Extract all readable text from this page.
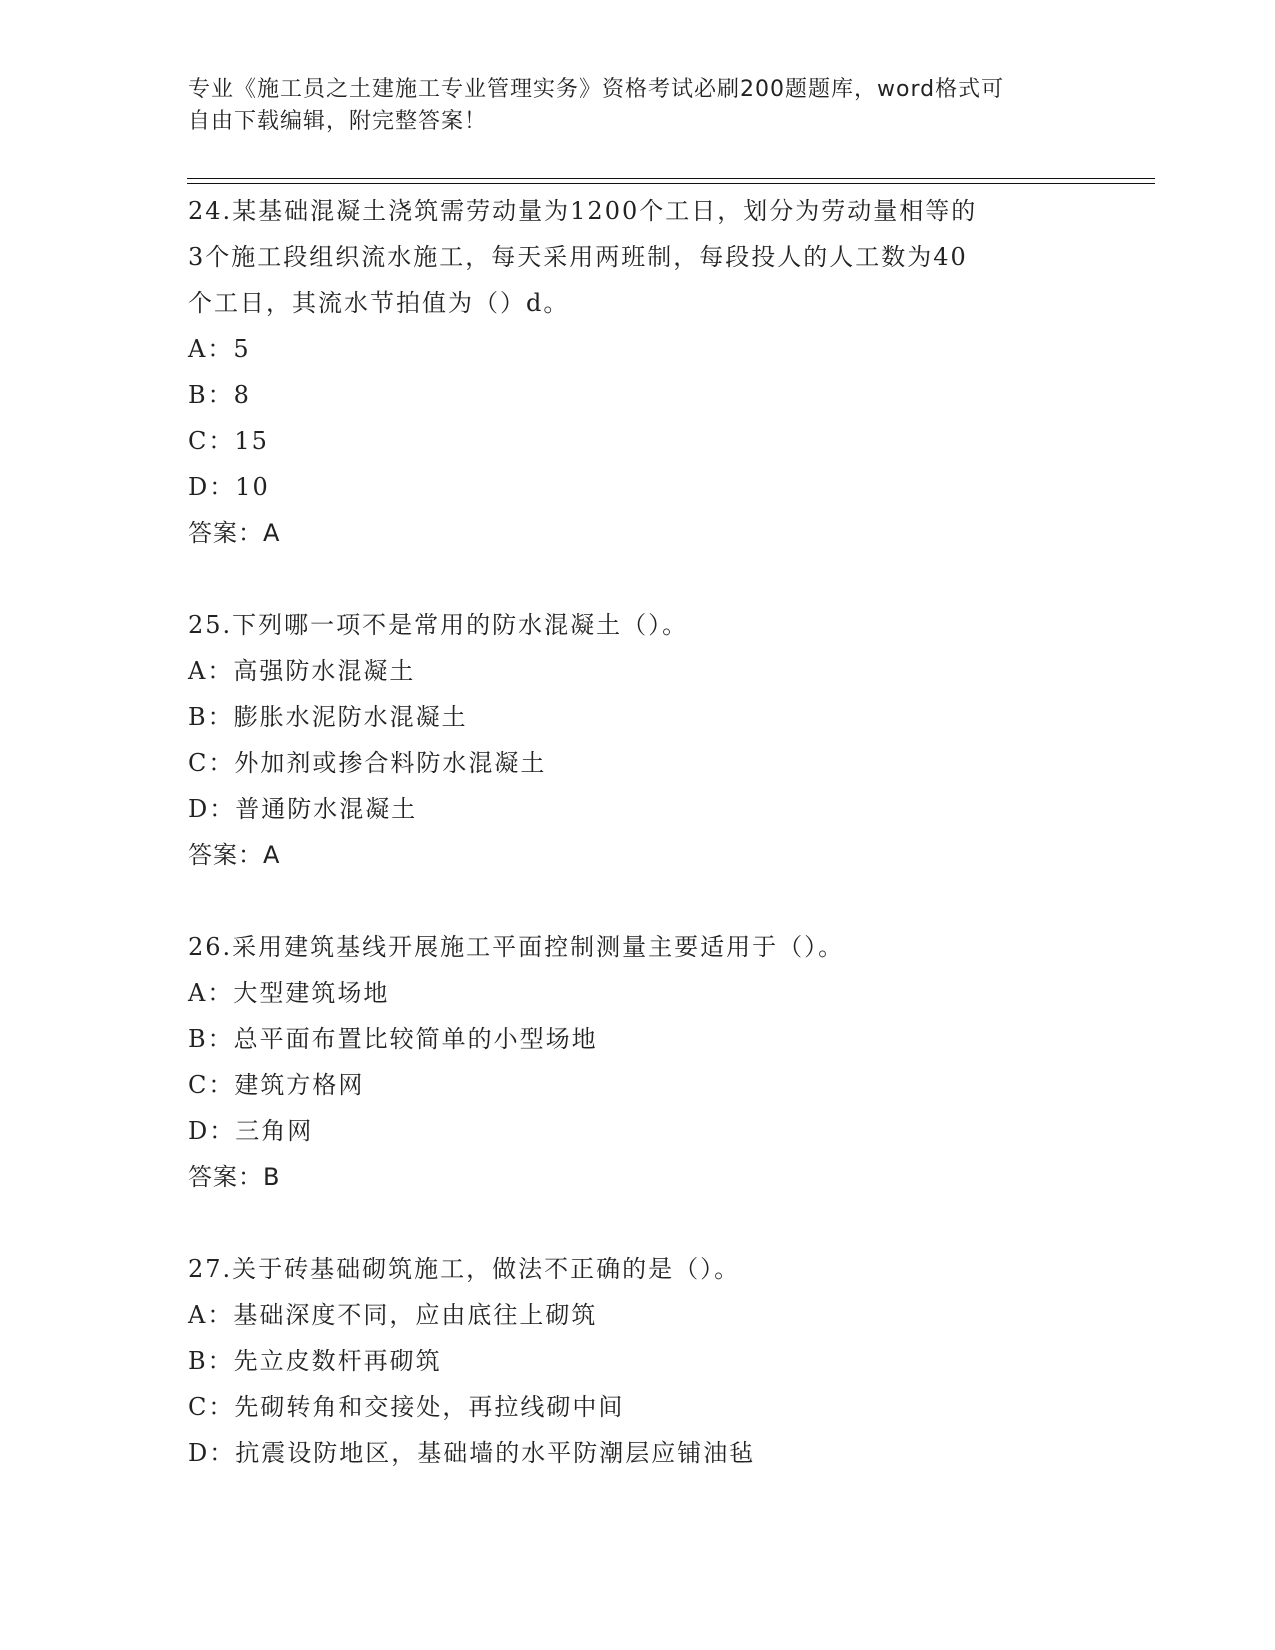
专业《施工员之土建施工专业管理实务》资格考试必刷200题题库，word格式可
自由下载编辑，附完整答案！
24.某基础混凝土浇筑需劳动量为1200个工日，划分为劳动量相等的
3个施工段组织流水施工，每天采用两班制，每段投人的人工数为40
个工日，其流水节拍值为（）d。
A：5
B：8
C：15
D：10
答案：A
25.下列哪一项不是常用的防水混凝土（）。
A：高强防水混凝土
B：膨胀水泥防水混凝土
C：外加剂或掺合料防水混凝土
D：普通防水混凝土
答案：A
26.采用建筑基线开展施工平面控制测量主要适用于（）。
A：大型建筑场地
B：总平面布置比较简单的小型场地
C：建筑方格网
D：三角网
答案：B
27.关于砖基础砌筑施工，做法不正确的是（）。
A：基础深度不同，应由底往上砌筑
B：先立皮数杆再砌筑
C：先砌转角和交接处，再拉线砌中间
D：抗震设防地区，基础墙的水平防潮层应铺油毡
